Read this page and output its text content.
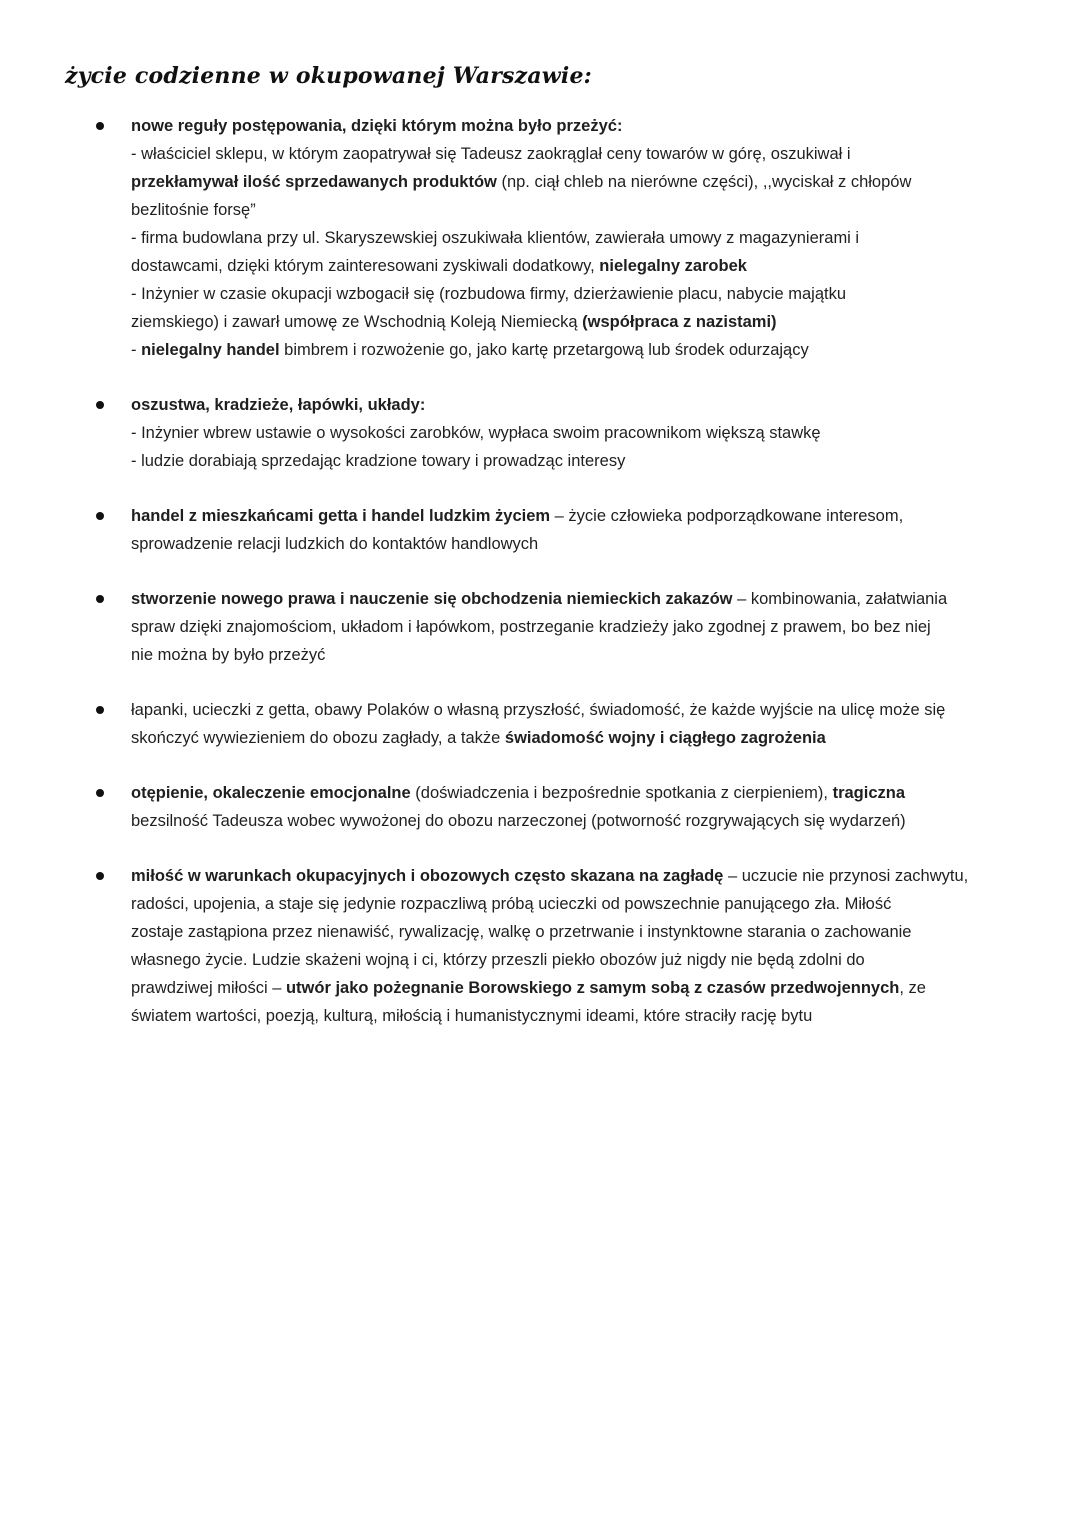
życie codzienne w okupowanej Warszawie:
nowe reguły postępowania, dzięki którym można było przeżyć:
- właściciel sklepu, w którym zaopatrywał się Tadeusz zaokrąglał ceny towarów w górę, oszukiwał i
przekłamywał ilość sprzedawanych produktów (np. ciął chleb na nierówne części), ,,wyciskał z chłopów
bezlitośnie forsę”
- firma budowlana przy ul. Skaryszewskiej oszukiwała klientów, zawierała umowy z magazynierami i
dostawcami, dzięki którym zainteresowani zyskiwali dodatkowy, nielegalny zarobek
- Inżynier w czasie okupacji wzbogacił się (rozbudowa firmy, dzierżawienie placu, nabycie majątku
ziemskiego) i zawarł umowę ze Wschodnią Koleją Niemiecką (współpraca z nazistami)
- nielegalny handel bimbrem i rozwożenie go, jako kartę przetargową lub środek odurzający
oszustwa, kradzieże, łapówki, układy:
- Inżynier wbrew ustawie o wysokości zarobków, wypłaca swoim pracownikom większą stawkę
- ludzie dorabiają sprzedając kradzione towary i prowadząc interesy
handel z mieszkańcami getta i handel ludzkim życiem – życie człowieka podporządkowane interesom,
sprowadzenie relacji ludzkich do kontaktów handlowych
stworzenie nowego prawa i nauczenie się obchodzenia niemieckich zakazów – kombinowania, załatwiania
spraw dzięki znajomościom, układom i łapówkom, postrzeganie kradzieży jako zgodnej z prawem, bo bez niej
nie można by było przeżyć
łapanki, ucieczki z getta, obawy Polaków o własną przyszłość, świadomość, że każde wyjście na ulicę może się
skończyć wywiezieniem do obozu zagłady, a także świadomość wojny i ciągłego zagrożenia
otępienie, okaleczenie emocjonalne (doświadczenia i bezpośrednie spotkania z cierpieniem), tragiczna
bezsilność Tadeusza wobec wywożonej do obozu narzeczonej (potworność rozgrywających się wydarzeń)
miłość w warunkach okupacyjnych i obozowych często skazana na zagładę – uczucie nie przynosi zachwytu,
radości, upojenia, a staje się jedynie rozpaczliwą próbą ucieczki od powszechnie panującego zła. Miłość
zostaje zastąpiona przez nienawiść, rywalizację, walkę o przetrwanie i instynktowne starania o zachowanie
własnego życie. Ludzie skażeni wojną i ci, którzy przeszli piekło obozów już nigdy nie będą zdolni do
prawdziwej miłości – utwór jako pożegnanie Borowskiego z samym sobą z czasów przedwojennych, ze
światem wartości, poezją, kulturą, miłością i humanistycznymi ideami, które straciły rację bytu
